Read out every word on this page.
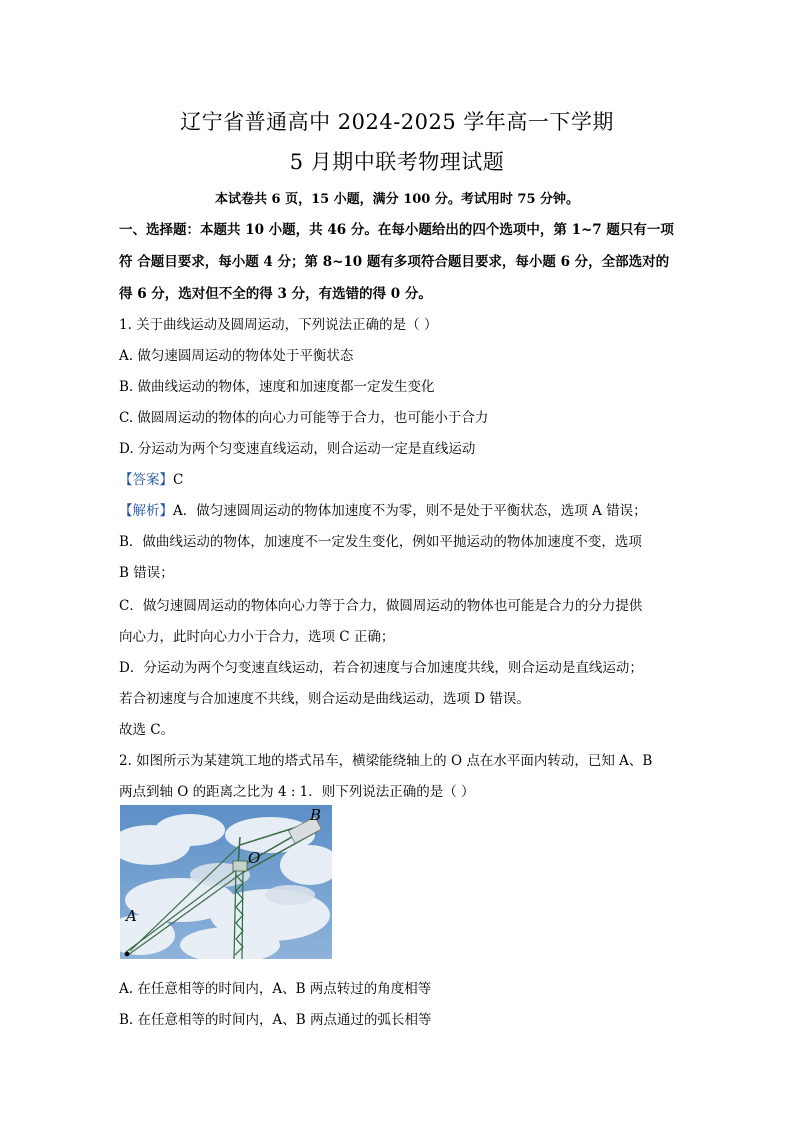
辽宁省普通高中 2024-2025 学年高一下学期
5 月期中联考物理试题
本试卷共 6 页，15 小题，满分 100 分。考试用时 75 分钟。
一、选择题：本题共 10 小题，共 46 分。在每小题给出的四个选项中，第 1~7 题只有一项
符 合题目要求，每小题 4 分；第 8~10 题有多项符合题目要求，每小题 6 分，全部选对的
得 6 分，选对但不全的得 3 分，有选错的得 0 分。
1. 关于曲线运动及圆周运动，下列说法正确的是（ ）
A. 做匀速圆周运动的物体处于平衡状态
B. 做曲线运动的物体，速度和加速度都一定发生变化
C. 做圆周运动的物体的向心力可能等于合力，也可能小于合力
D. 分运动为两个匀变速直线运动，则合运动一定是直线运动
【答案】C
【解析】A．做匀速圆周运动的物体加速度不为零，则不是处于平衡状态，选项 A 错误；
B．做曲线运动的物体，加速度不一定发生变化，例如平抛运动的物体加速度不变，选项
B 错误；
C．做匀速圆周运动的物体向心力等于合力，做圆周运动的物体也可能是合力的分力提供
向心力，此时向心力小于合力，选项 C 正确；
D．分运动为两个匀变速直线运动，若合初速度与合加速度共线，则合运动是直线运动；
若合初速度与合加速度不共线，则合运动是曲线运动，选项 D 错误。
故选 C。
2. 如图所示为某建筑工地的塔式吊车，横梁能绕轴上的 O 点在水平面内转动，已知 A、B
两点到轴 O 的距离之比为 4 : 1．则下列说法正确的是（ ）
A
B
O
A. 在任意相等的时间内，A、B 两点转过的角度相等
B. 在任意相等的时间内，A、B 两点通过的弧长相等
